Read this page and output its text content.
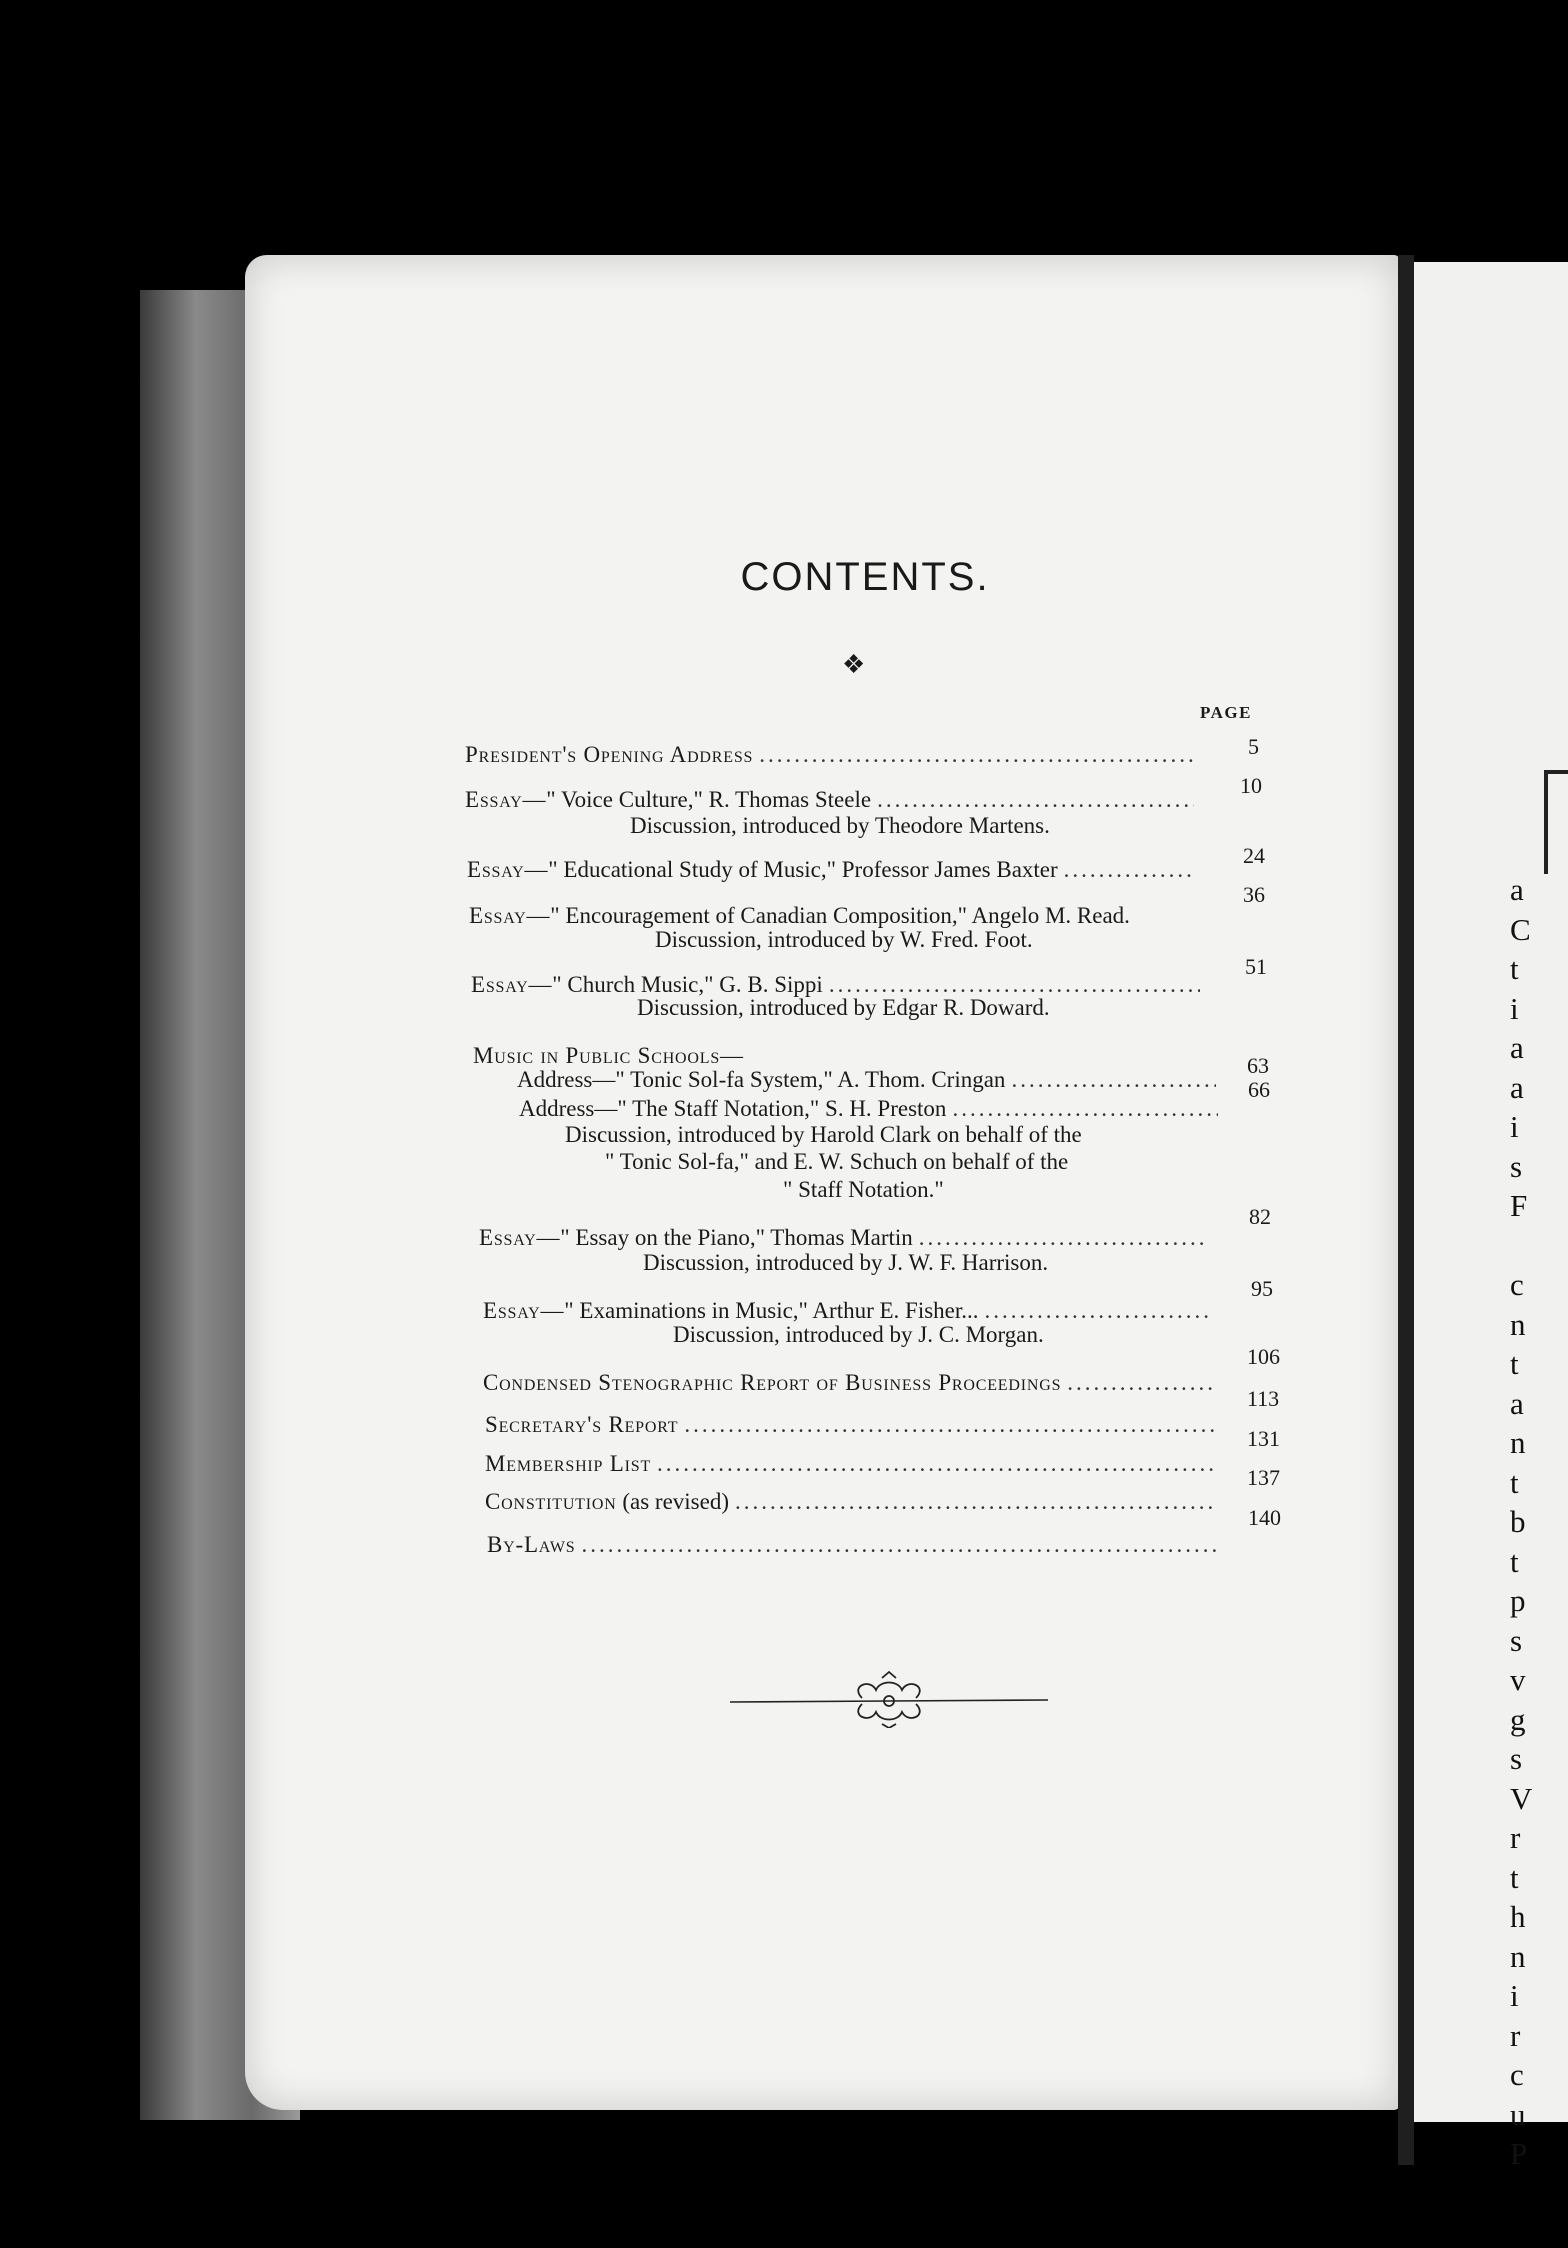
a
C
t
i
a
a
i
s
F
c
n
t
a
n
t
b
t
p
s
v
g
s
V
r
t
h
n
i
r
c
u
P
CONTENTS.
❖
PAGE
President's Opening Address
.....	5
Essay—" Voice Culture," R. Thomas Steele
.....
10
Discussion, introduced by Theodore Martens.
Essay—" Educational Study of Music," Professor James Baxter
.....
24
Essay—" Encouragement of Canadian Composition," Angelo M. Read.
36
Discussion, introduced by W. Fred. Foot.
Essay—" Church Music," G. B. Sippi
.....
51
Discussion, introduced by Edgar R. Doward.
Music in Public Schools—
Address—" Tonic Sol-fa System," A. Thom. Cringan
.....
63
Address—" The Staff Notation," S. H. Preston
.....
66
Discussion, introduced by Harold Clark on behalf of the
" Tonic Sol-fa," and E. W. Schuch on behalf of the
" Staff Notation."
Essay—" Essay on the Piano," Thomas Martin
.....
82
Discussion, introduced by J. W. F. Harrison.
Essay—" Examinations in Music," Arthur E. Fisher...
.....
95
Discussion, introduced by J. C. Morgan.
Condensed Stenographic Report of Business Proceedings
.....
106
Secretary's Report
.....
113
Membership List
.....
131
Constitution (as revised)
.....
137
By-Laws
.....
140
